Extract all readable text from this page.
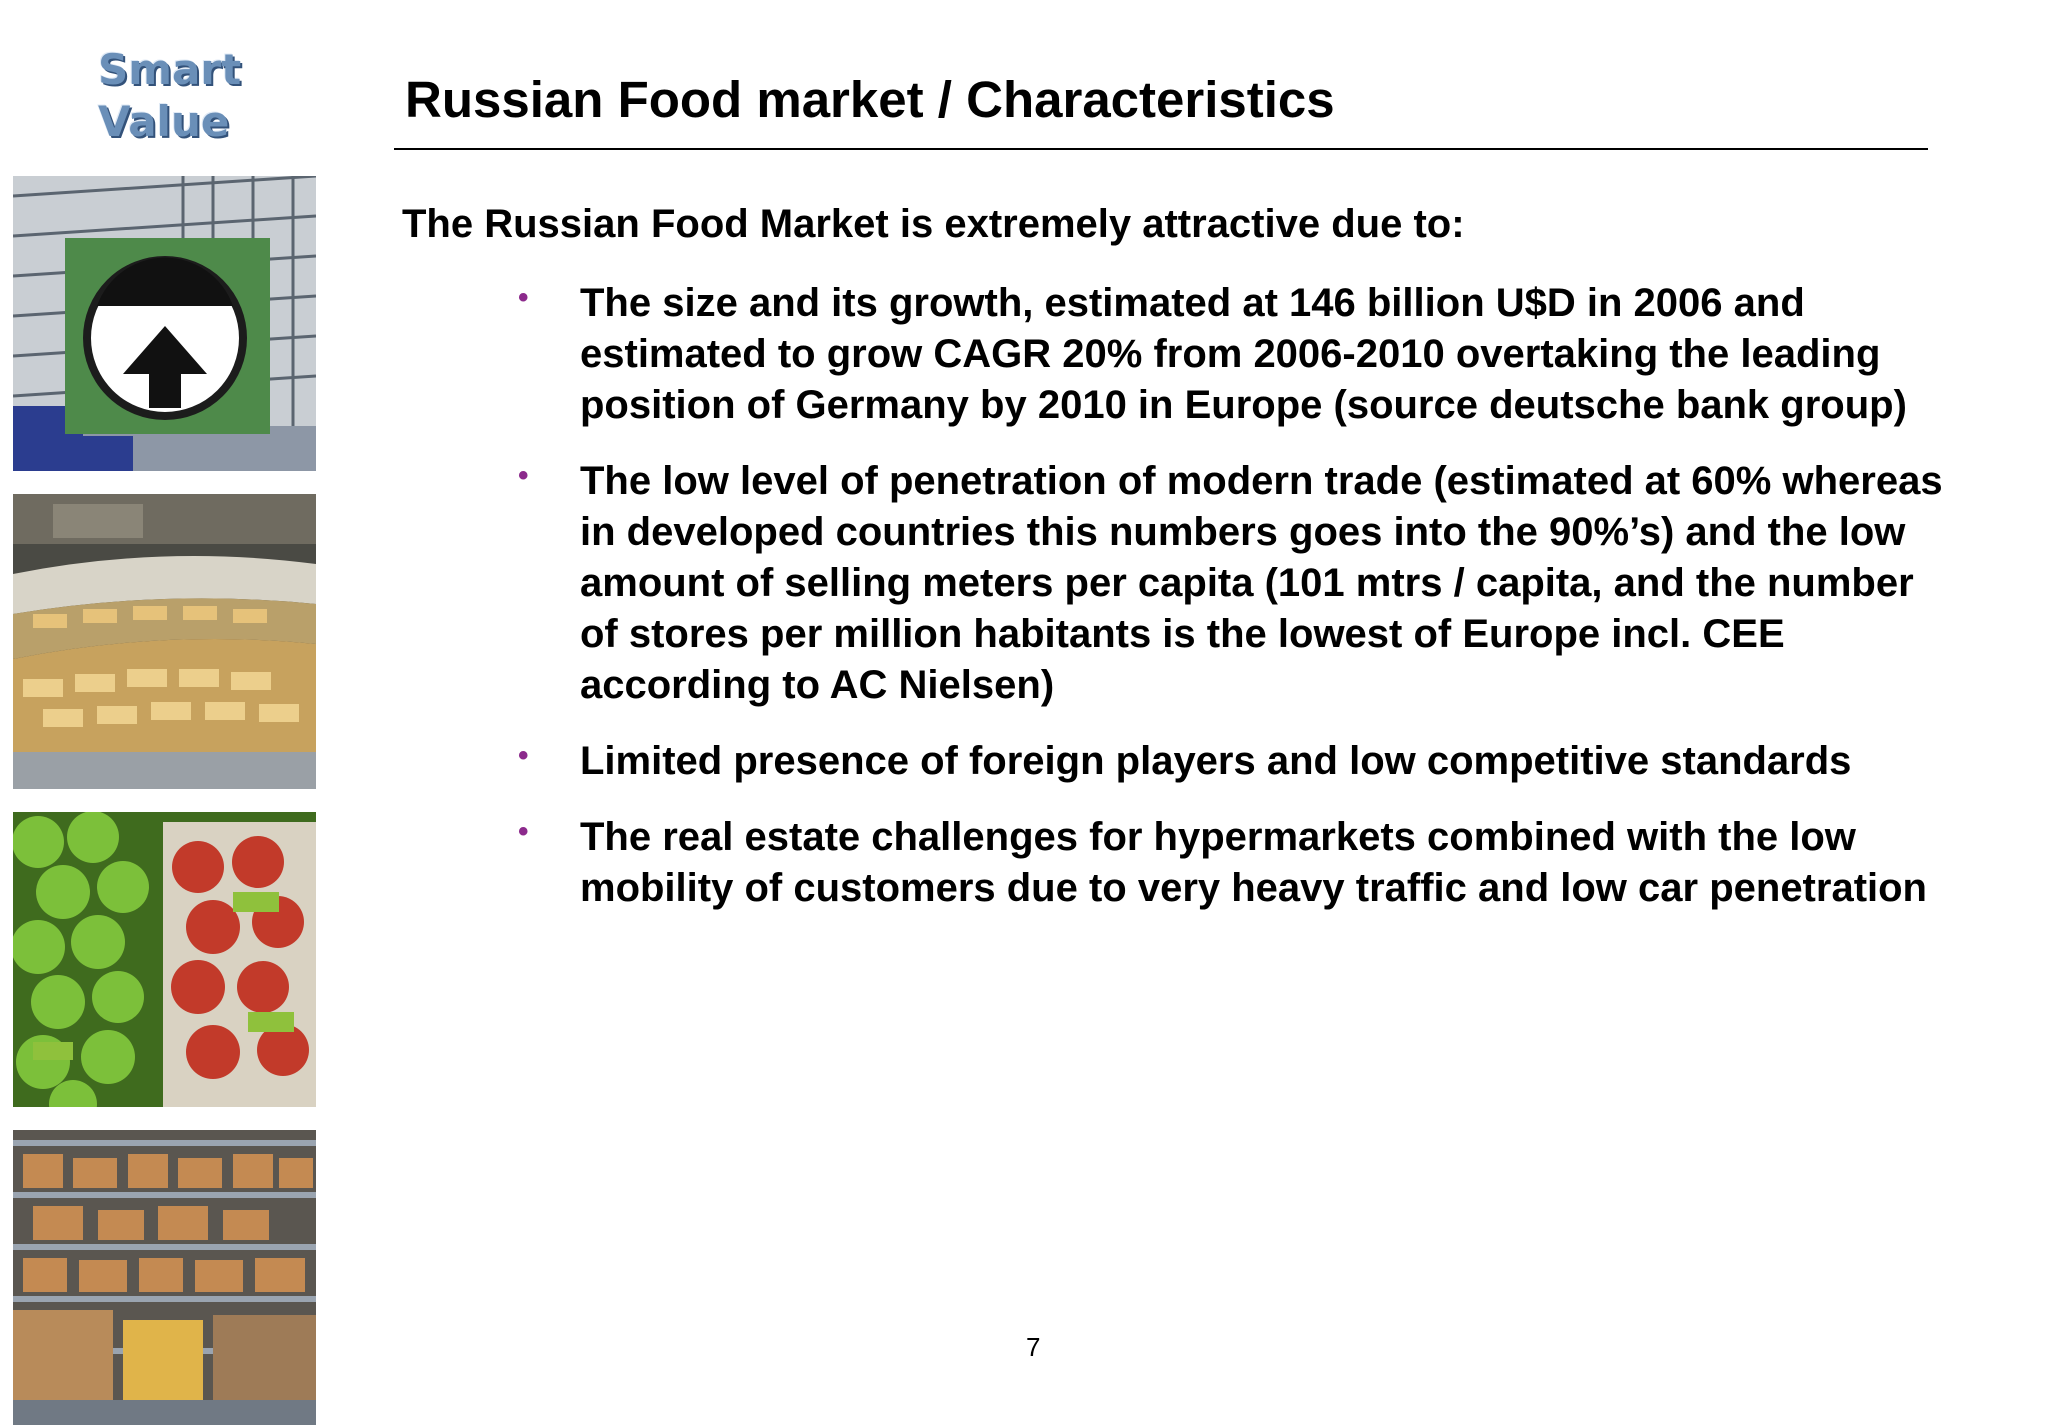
Smart
Value	Russian Food market / Characteristics

The Russian Food Market is extremely attractive due to:

• The size and its growth, estimated at 146 billion U$D in 2006 and estimated to grow CAGR 20% from 2006-2010 overtaking the leading position of Germany by 2010 in Europe (source deutsche bank group)
• The low level of penetration of modern trade (estimated at 60% whereas in developed countries this numbers goes into the 90%’s) and the low amount of selling meters per capita (101 mtrs / capita, and the number of stores per million habitants is the lowest of Europe incl. CEE according to AC Nielsen)
• Limited presence of foreign players and low competitive standards
• The real estate challenges for hypermarkets combined with the low mobility of customers due to very heavy traffic and low car penetration
7
